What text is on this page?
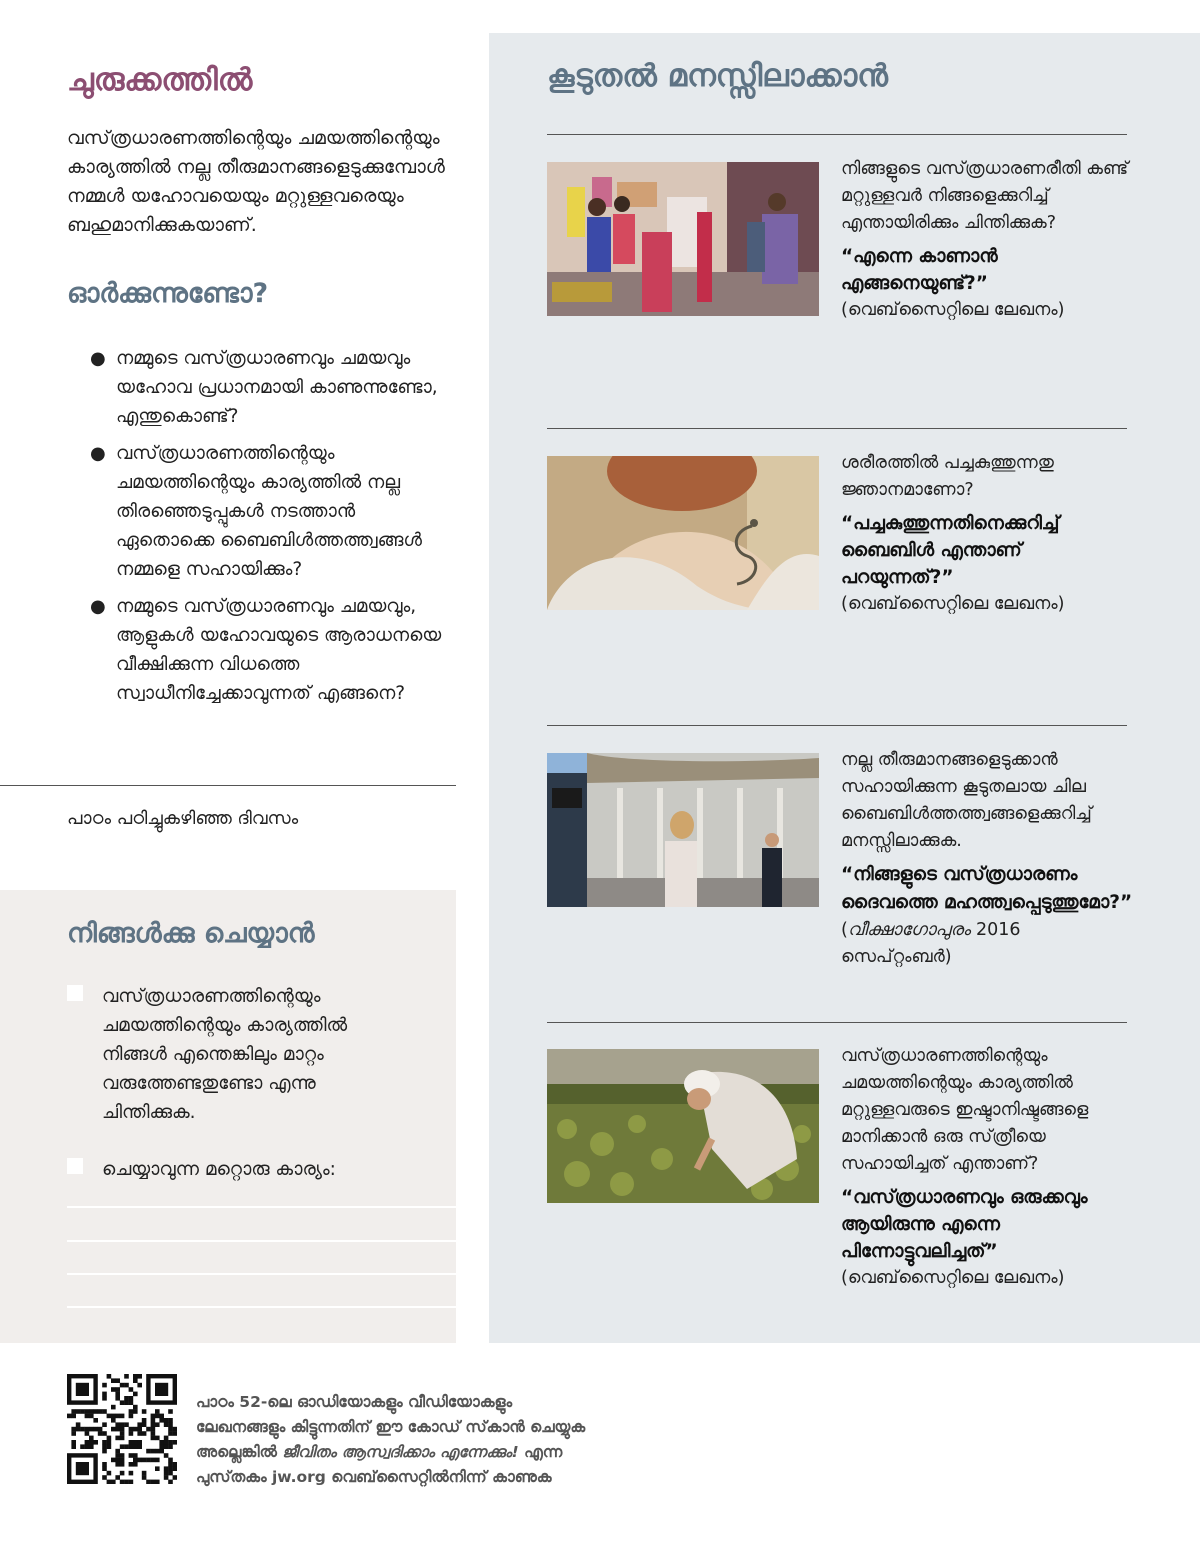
ചുരുക്കത്തിൽ

വസ്‌ത്രധാരണത്തിന്റെയും ചമയത്തിന്റെയും കാര്യത്തിൽ നല്ല തീരുമാനങ്ങളെടുക്കുമ്പോൾ നമ്മൾ യഹോവയെയും മറ്റുള്ളവരെയും ബഹുമാനിക്കുകയാണ്‌.

ഓർക്കുന്നുണ്ടോ?
● നമ്മുടെ വസ്‌ത്രധാരണവും ചമയവും യഹോവ പ്രധാനമായി കാണുന്നുണ്ടോ, എന്തുകൊണ്ട്‌?
● വസ്‌ത്രധാരണത്തിന്റെയും ചമയത്തിന്റെയും കാര്യത്തിൽ നല്ല തിരഞ്ഞെടുപ്പുകൾ നടത്താൻ ഏതൊക്കെ ബൈബിൾത്തത്ത്വങ്ങൾ നമ്മളെ സഹായിക്കും?
● നമ്മുടെ വസ്‌ത്രധാരണവും ചമയവും, ആളുകൾ യഹോവയുടെ ആരാധനയെ വീക്ഷിക്കുന്ന വിധത്തെ സ്വാധീനിച്ചേക്കാവുന്നത്‌ എങ്ങനെ?

പാഠം പഠിച്ചുകഴിഞ്ഞ ദിവസം

നിങ്ങൾക്കു ചെയ്യാൻ
വസ്‌ത്രധാരണത്തിന്റെയും ചമയത്തിന്റെയും കാര്യത്തിൽ നിങ്ങൾ എന്തെങ്കിലും മാറ്റം വരുത്തേണ്ടതുണ്ടോ എന്നു ചിന്തിക്കുക.
ചെയ്യാവുന്ന മറ്റൊരു കാര്യം:
കൂടുതൽ മനസ്സിലാക്കാൻ

നിങ്ങളുടെ വസ്‌ത്രധാരണരീതി കണ്ട്‌ മറ്റുള്ളവർ നിങ്ങളെക്കുറിച്ച്‌ എന്തായിരിക്കും ചിന്തിക്കുക?

“എന്നെ കാണാൻ എങ്ങനെയുണ്ട്‌?”

(വെബ്‌സൈറ്റിലെ ലേഖനം)

ശരീരത്തിൽ പച്ചകുത്തുന്നതു ജ്ഞാനമാണോ?

“പച്ചകുത്തുന്നതിനെക്കുറിച്ച്‌ ബൈബിൾ എന്താണ്‌ പറയുന്നത്‌?”

(വെബ്‌സൈറ്റിലെ ലേഖനം)

നല്ല തീരുമാനങ്ങളെടുക്കാൻ സഹായിക്കുന്ന കൂടുതലായ ചില ബൈബിൾത്തത്ത്വങ്ങളെക്കുറിച്ച്‌ മനസ്സിലാക്കുക.

“നിങ്ങളുടെ വസ്‌ത്രധാരണം ദൈവത്തെ മഹത്ത്വപ്പെടുത്തുമോ?” (വീക്ഷാഗോപുരം 2016 സെപ്‌റ്റംബർ)

വസ്‌ത്രധാരണത്തിന്റെയും ചമയത്തിന്റെയും കാര്യത്തിൽ മറ്റുള്ളവരുടെ ഇഷ്ടാനിഷ്ടങ്ങളെ മാനിക്കാൻ ഒരു സ്‌ത്രീയെ സഹായിച്ചത്‌ എന്താണ്‌?

“വസ്‌ത്രധാരണവും ഒരുക്കവും ആയിരുന്നു എന്നെ പിന്നോട്ടുവലിച്ചത്‌”

(വെബ്‌സൈറ്റിലെ ലേഖനം)

പാഠം 52-ലെ ഓഡിയോകളും വീഡിയോകളും
ലേഖനങ്ങളും കിട്ടുന്നതിന്‌ ഈ കോഡ്‌ സ്‌കാൻ ചെയ്യുക
അല്ലെങ്കിൽ ജീവിതം ആസ്വദിക്കാം എന്നേക്കും! എന്ന
പുസ്‌തകം jw.org വെബ്‌സൈറ്റിൽനിന്ന്‌ കാണുക
